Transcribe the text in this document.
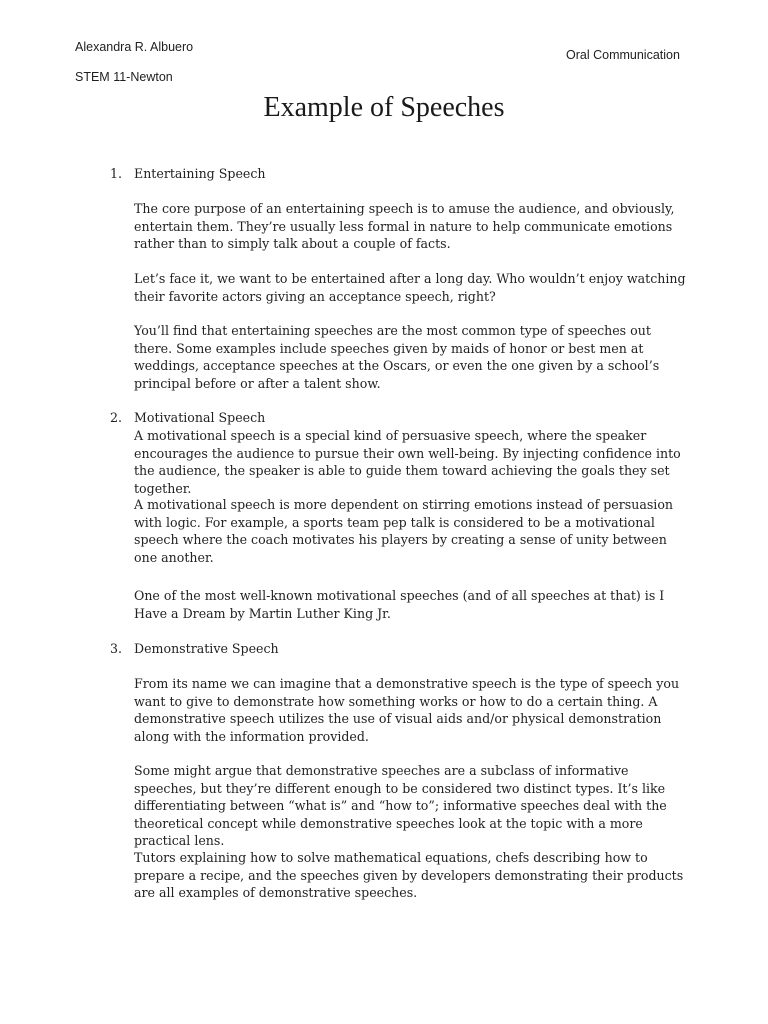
Alexandra R. Albuero
STEM 11-Newton
Oral Communication
Example of Speeches
1. Entertaining Speech

The core purpose of an entertaining speech is to amuse the audience, and obviously, entertain them. They’re usually less formal in nature to help communicate emotions rather than to simply talk about a couple of facts.

Let’s face it, we want to be entertained after a long day. Who wouldn’t enjoy watching their favorite actors giving an acceptance speech, right?

You’ll find that entertaining speeches are the most common type of speeches out there. Some examples include speeches given by maids of honor or best men at weddings, acceptance speeches at the Oscars, or even the one given by a school’s principal before or after a talent show.

2. Motivational Speech

A motivational speech is a special kind of persuasive speech, where the speaker encourages the audience to pursue their own well-being. By injecting confidence into the audience, the speaker is able to guide them toward achieving the goals they set together.

A motivational speech is more dependent on stirring emotions instead of persuasion with logic. For example, a sports team pep talk is considered to be a motivational speech where the coach motivates his players by creating a sense of unity between one another.

One of the most well-known motivational speeches (and of all speeches at that) is I Have a Dream by Martin Luther King Jr.

3. Demonstrative Speech

From its name we can imagine that a demonstrative speech is the type of speech you want to give to demonstrate how something works or how to do a certain thing. A demonstrative speech utilizes the use of visual aids and/or physical demonstration along with the information provided.

Some might argue that demonstrative speeches are a subclass of informative speeches, but they’re different enough to be considered two distinct types. It’s like differentiating between “what is” and “how to”; informative speeches deal with the theoretical concept while demonstrative speeches look at the topic with a more practical lens.

Tutors explaining how to solve mathematical equations, chefs describing how to prepare a recipe, and the speeches given by developers demonstrating their products are all examples of demonstrative speeches.
